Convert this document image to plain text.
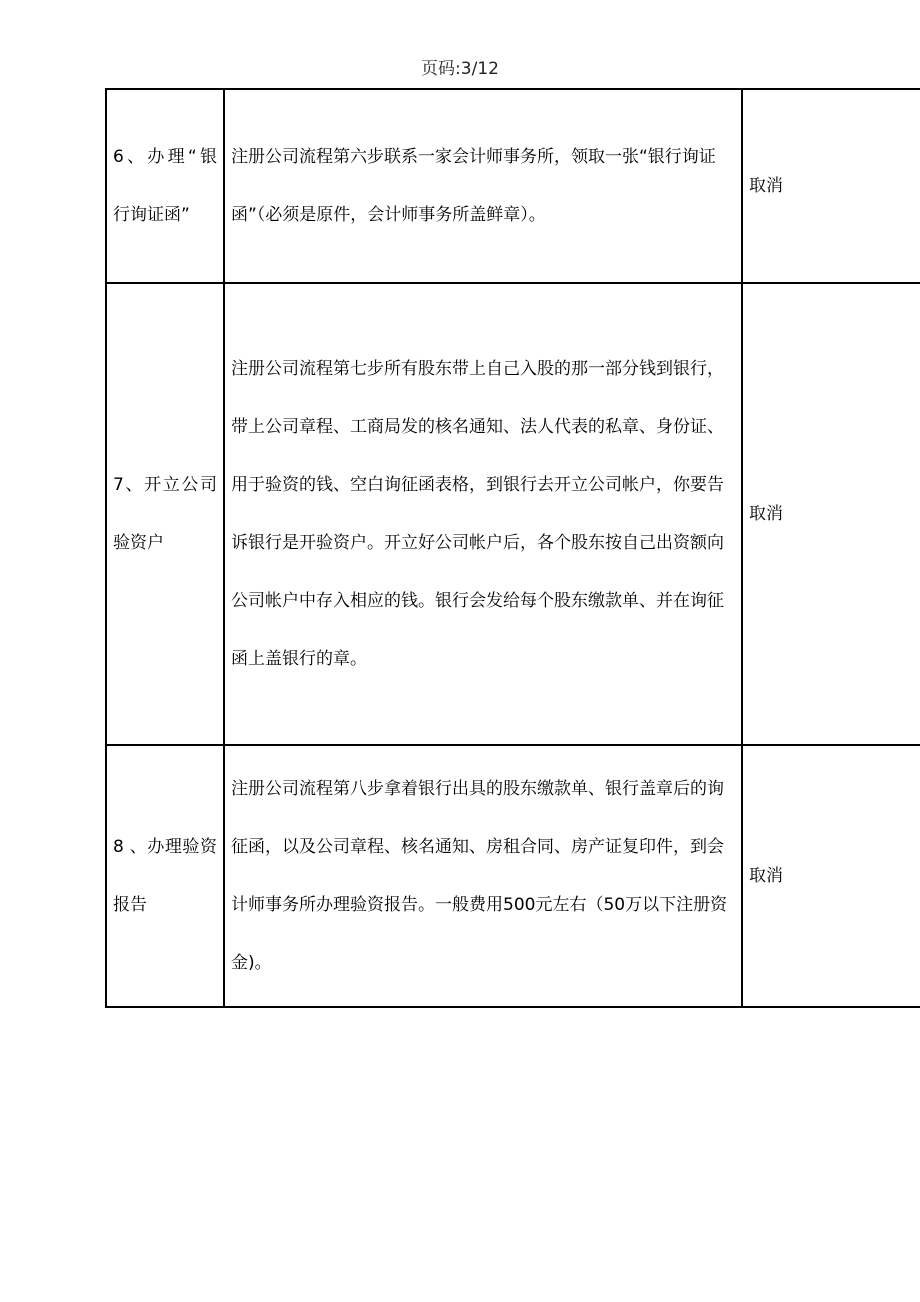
页码:3/12
6、办理“银行询证函”	注册公司流程第六步联系一家会计师事务所，领取一张“银行询证函”（必须是原件，会计师事务所盖鲜章）。	取消
7、开立公司验资户	注册公司流程第七步所有股东带上自己入股的那一部分钱到银行，带上公司章程、工商局发的核名通知、法人代表的私章、身份证、用于验资的钱、空白询征函表格，到银行去开立公司帐户，你要告诉银行是开验资户。开立好公司帐户后，各个股东按自己出资额向公司帐户中存入相应的钱。银行会发给每个股东缴款单、并在询征函上盖银行的章。	取消
8 、办理验资报告	注册公司流程第八步拿着银行出具的股东缴款单、银行盖章后的询征函，以及公司章程、核名通知、房租合同、房产证复印件，到会计师事务所办理验资报告。一般费用500元左右（50万以下注册资金)。	取消
